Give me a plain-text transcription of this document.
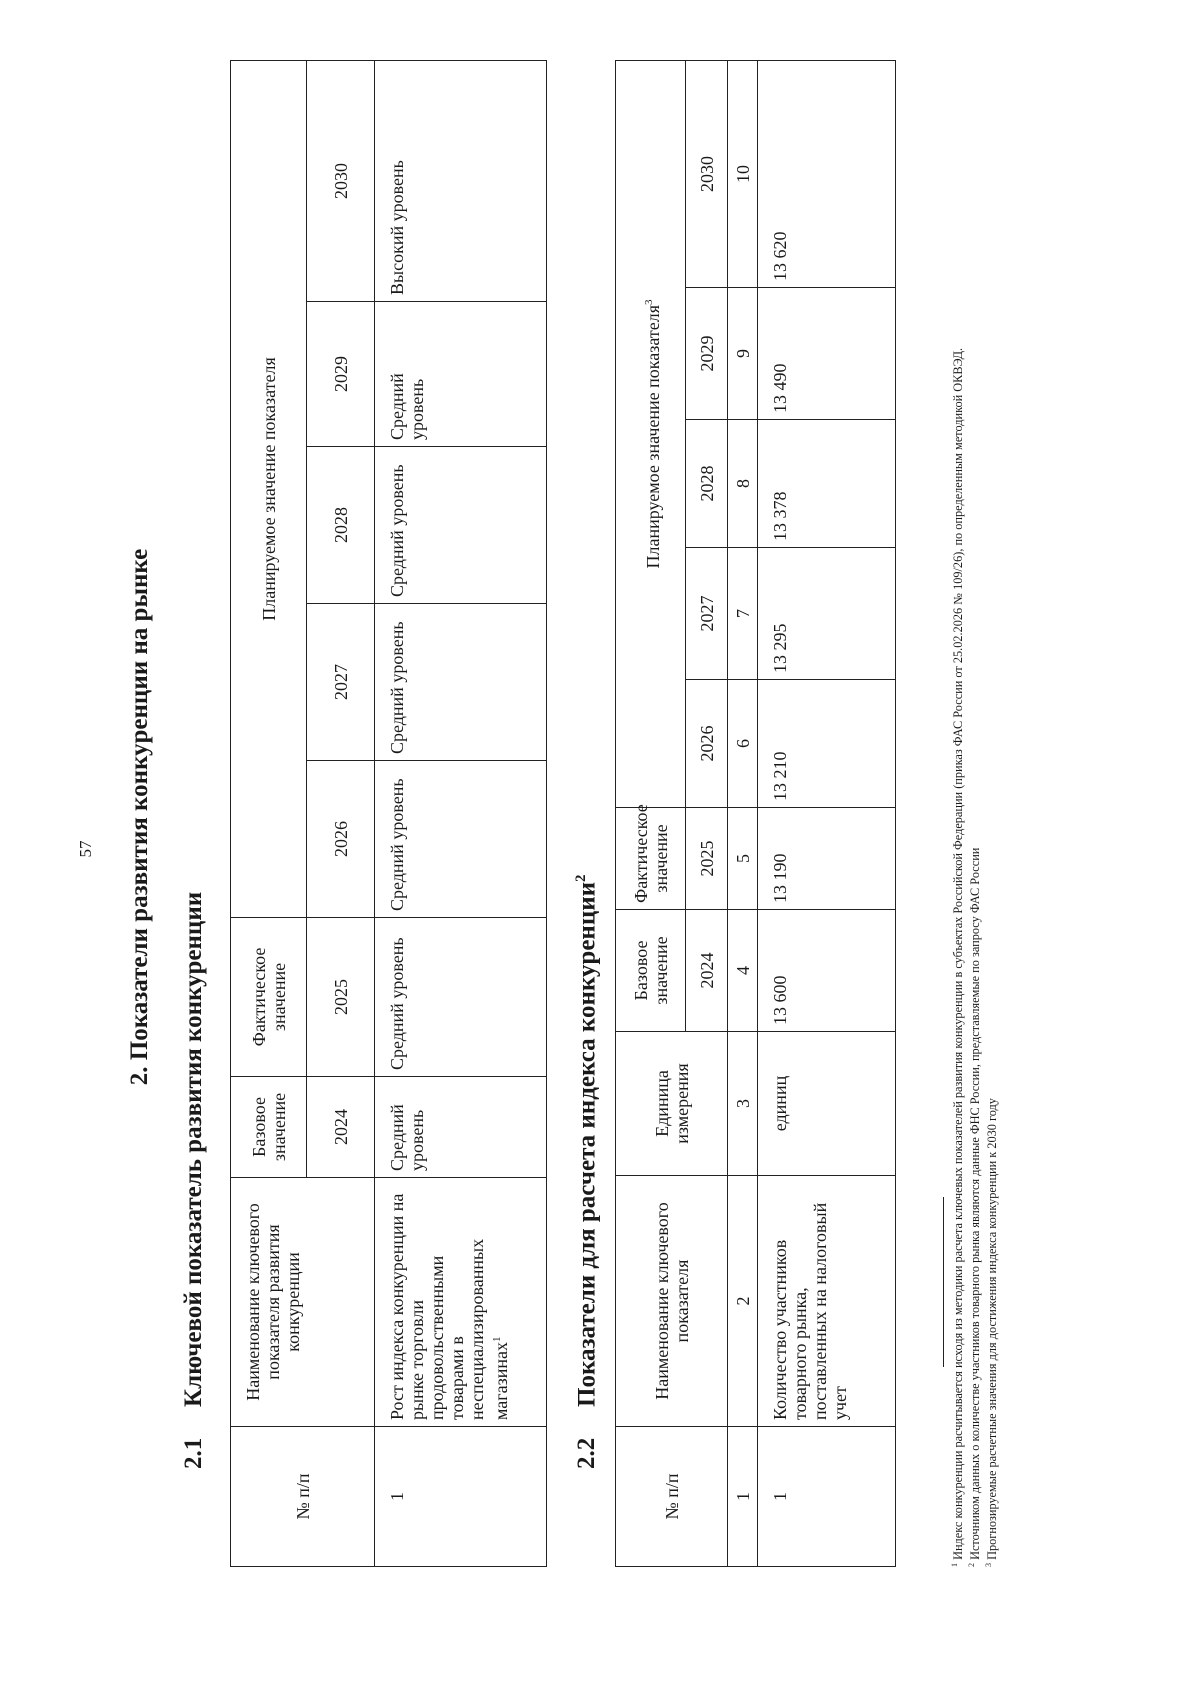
57 2. Показатели развития конкуренции на рынке
2.1Ключевой показатель развития конкуренции
№ п/п	Наименование ключевого показателя развития конкуренции	Базовое значение	Фактическое значение	Планируемое значение показателя				
		2024	2025	2026	2027	2028	2029	2030
1	Рост индекса конкуренции на рынке торговли продовольственными товарами в неспециализированных магазинах$^1$	Средний уровень	Средний уровень	Средний уровень	Средний уровень	Средний уровень	Средний уровень	Высокий уровень
2.2Показатели для расчета индекса конкуренции$^2$
№ п/п	Наименование ключевого показателя	Единица измерения	Базовое значение	Фактическое значение	Планируемое значение показателя$^3$
			2024	2025	2026	2027	2028	2029	2030
1	2	3	4	5	6	7	8	9	10
1	Количество участников товарного рынка, поставленных на налоговый учет	единиц	13 600	13 190	13 210	13 295	13 378	13 490	13 620

$^1$ Индекс конкуренции расчитывается исходя из методики расчета ключевых показателей развития конкуренции в субъектах Российской Федерации (приказ ФАС России от 25.02.2026 № 109/26), по определенным методикой ОКВЭД.

$^2$ Источником данных о количестве участников товарного рынка являются данные ФНС России, представляемые по запросу ФАС России

$^3$ Прогнозируемые расчетные значения для достижения индекса конкуренции к 2030 году
